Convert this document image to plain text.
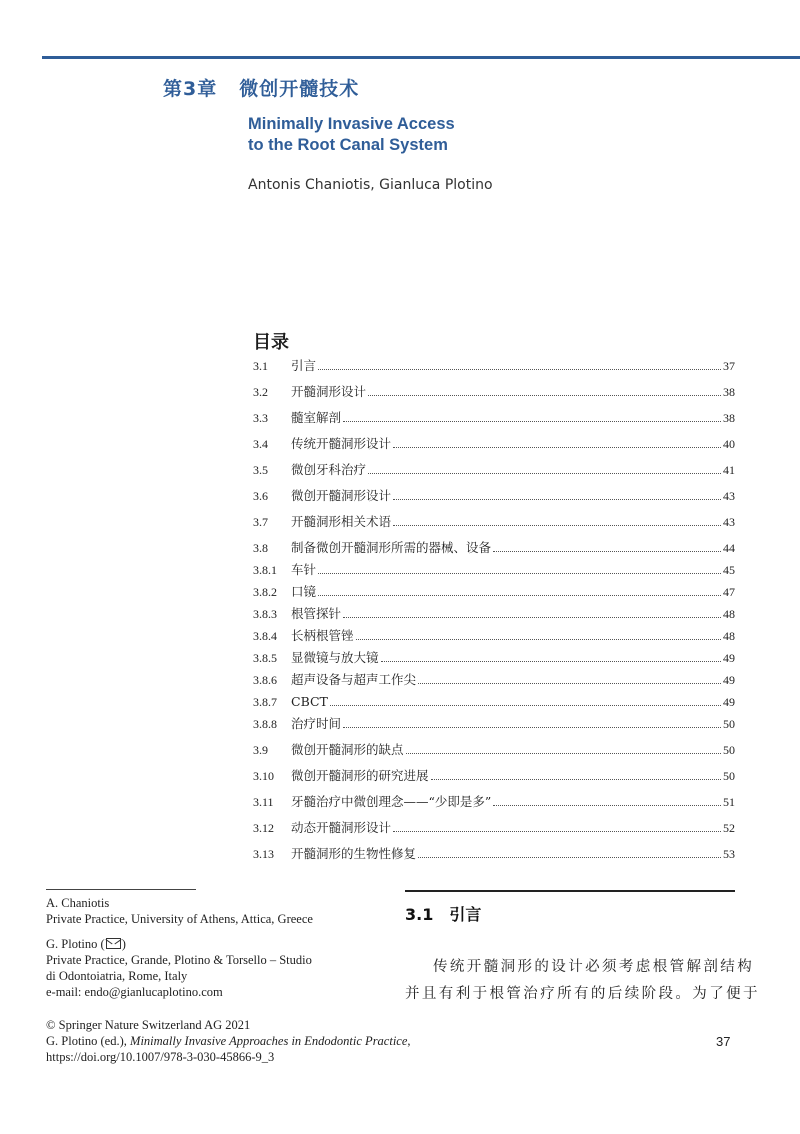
第3章 微创开髓技术
Minimally Invasive Access
to the Root Canal System
Antonis Chaniotis, Gianluca Plotino
目录
3.1	引言	37
3.2	开髓洞形设计	38
3.3	髓室解剖	38
3.4	传统开髓洞形设计	40
3.5	微创牙科治疗	41
3.6	微创开髓洞形设计	43
3.7	开髓洞形相关术语	43
3.8	制备微创开髓洞形所需的器械、设备	44
3.8.1	车针	45
3.8.2	口镜	47
3.8.3	根管探针	48
3.8.4	长柄根管锉	48
3.8.5	显微镜与放大镜	49
3.8.6	超声设备与超声工作尖	49
3.8.7	CBCT	49
3.8.8	治疗时间	50
3.9	微创开髓洞形的缺点	50
3.10	微创开髓洞形的研究进展	50
3.11	牙髓治疗中微创理念——“少即是多”	51
3.12	动态开髓洞形设计	52
3.13	开髓洞形的生物性修复	53
A. Chaniotis
Private Practice, University of Athens, Attica, Greece
G. Plotino ( )
Private Practice, Grande, Plotino & Torsello – Studio
di Odontoiatria, Rome, Italy
e-mail: endo@gianlucaplotino.com
© Springer Nature Switzerland AG 2021
G. Plotino (ed.), Minimally Invasive Approaches in Endodontic Practice,
https://doi.org/10.1007/978-3-030-45866-9_3
3.1 引言
传统开髓洞形的设计必须考虑根管解剖结构
并且有利于根管治疗所有的后续阶段。为了便于
37
